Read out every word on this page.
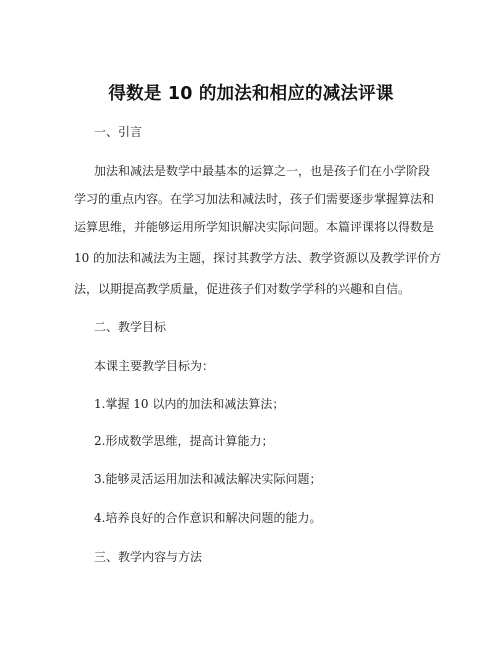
得数是 10 的加法和相应的减法评课
一、引言
加法和减法是数学中最基本的运算之一，也是孩子们在小学阶段
学习的重点内容。在学习加法和减法时，孩子们需要逐步掌握算法和
运算思维，并能够运用所学知识解决实际问题。本篇评课将以得数是
10 的加法和减法为主题，探讨其教学方法、教学资源以及教学评价方
法，以期提高教学质量，促进孩子们对数学学科的兴趣和自信。
二、教学目标
本课主要教学目标为：
1.掌握 10 以内的加法和减法算法；
2.形成数学思维，提高计算能力；
3.能够灵活运用加法和减法解决实际问题；
4.培养良好的合作意识和解决问题的能力。
三、教学内容与方法
